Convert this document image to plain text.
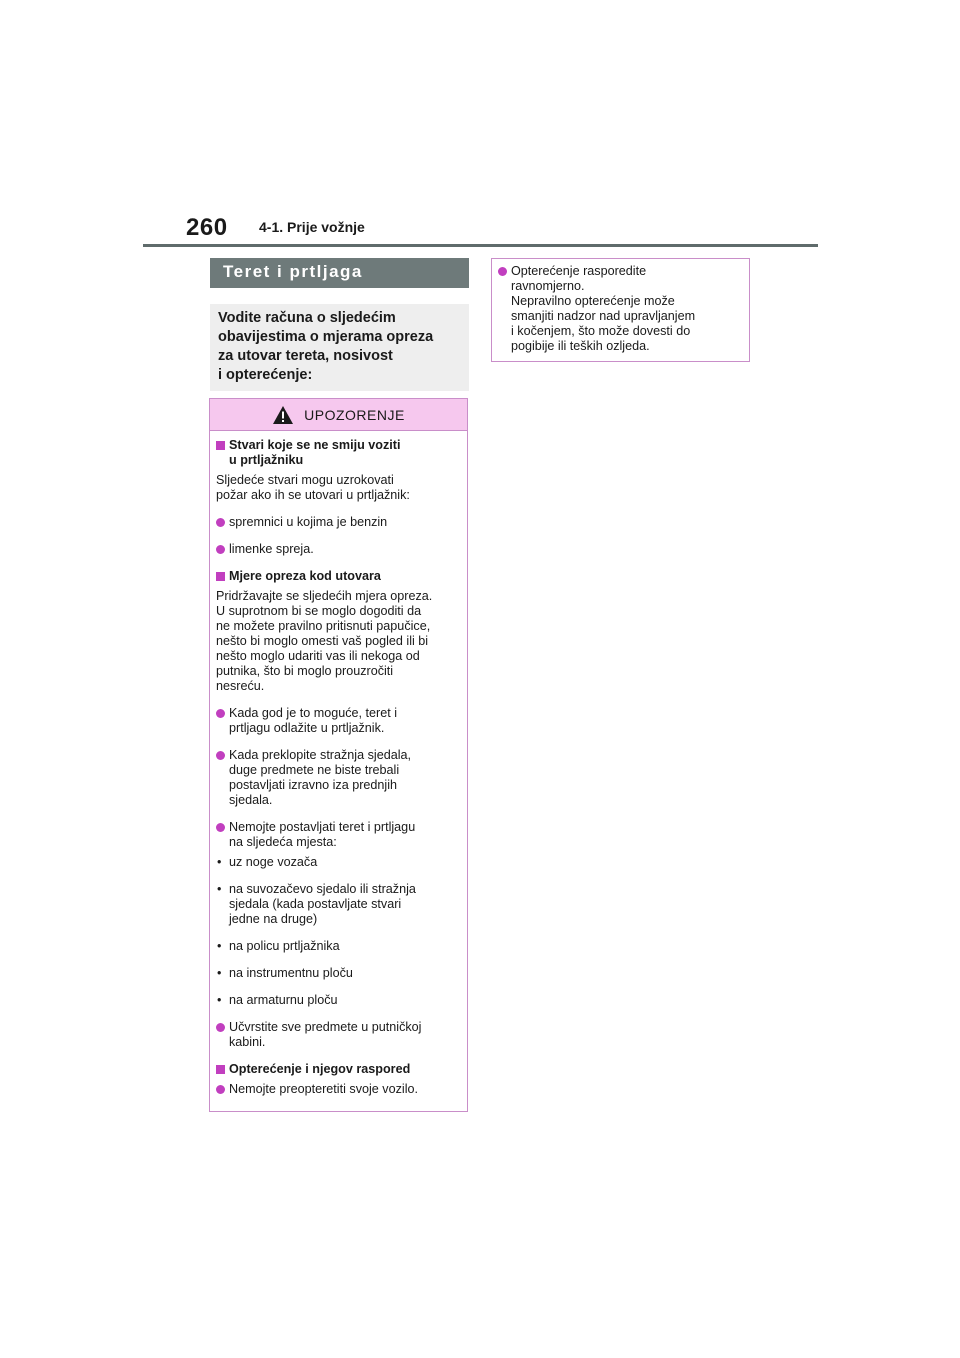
260 4-1. Prije vožnje
Teret i prtljaga
Vodite računa o sljedećim
obavijestima o mjerama opreza
za utovar tereta, nosivost
i opterećenje:
UPOZORENJE
Stvari koje se ne smiju voziti
u prtljažniku
Sljedeće stvari mogu uzrokovati
požar ako ih se utovari u prtljažnik:
spremnici u kojima je benzin
limenke spreja.
Mjere opreza kod utovara
Pridržavajte se sljedećih mjera opreza.
U suprotnom bi se moglo dogoditi da
ne možete pravilno pritisnuti papučice,
nešto bi moglo omesti vaš pogled ili bi
nešto moglo udariti vas ili nekoga od
putnika, što bi moglo prouzročiti
nesreću.
Kada god je to moguće, teret i
prtljagu odlažite u prtljažnik.
Kada preklopite stražnja sjedala,
duge predmete ne biste trebali
postavljati izravno iza prednjih
sjedala.
Nemojte postavljati teret i prtljagu
na sljedeća mjesta:
• uz noge vozača
• na suvozačevo sjedalo ili stražnja
sjedala (kada postavljate stvari
jedne na druge)
• na policu prtljažnika
• na instrumentnu ploču
• na armaturnu ploču
Učvrstite sve predmete u putničkoj
kabini.
Opterećenje i njegov raspored
Nemojte preopteretiti svoje vozilo.
Opterećenje rasporedite
ravnomjerno.
Nepravilno opterećenje može
smanjiti nadzor nad upravljanjem
i kočenjem, što može dovesti do
pogibije ili teških ozljeda.
